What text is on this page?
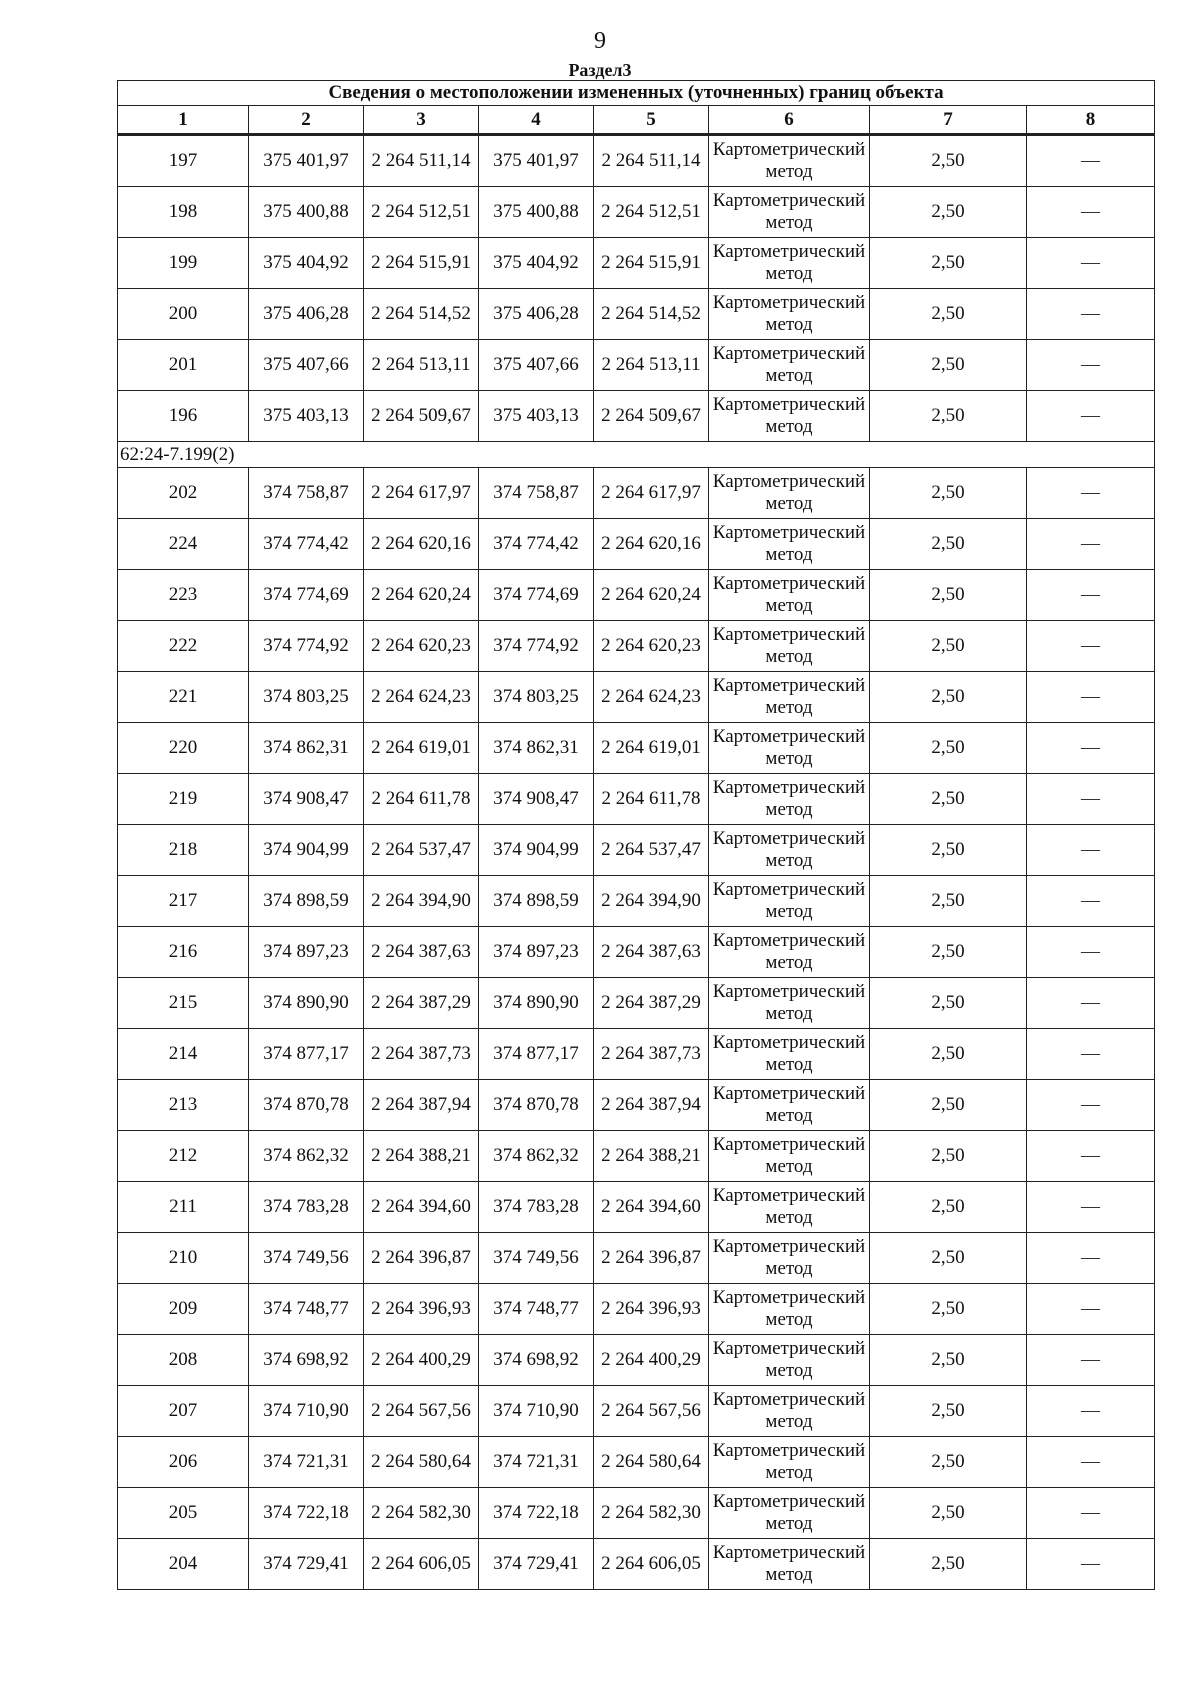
9
Раздел3
Сведения о местоположении измененных (уточненных) границ объекта							
1	2	3	4	5	6	7	8
197	375 401,97	2 264 511,14	375 401,97	2 264 511,14	Картометрический метод	2,50	—
198	375 400,88	2 264 512,51	375 400,88	2 264 512,51	Картометрический метод	2,50	—
199	375 404,92	2 264 515,91	375 404,92	2 264 515,91	Картометрический метод	2,50	—
200	375 406,28	2 264 514,52	375 406,28	2 264 514,52	Картометрический метод	2,50	—
201	375 407,66	2 264 513,11	375 407,66	2 264 513,11	Картометрический метод	2,50	—
196	375 403,13	2 264 509,67	375 403,13	2 264 509,67	Картометрический метод	2,50	—
62:24-7.199(2)							
202	374 758,87	2 264 617,97	374 758,87	2 264 617,97	Картометрический метод	2,50	—
224	374 774,42	2 264 620,16	374 774,42	2 264 620,16	Картометрический метод	2,50	—
223	374 774,69	2 264 620,24	374 774,69	2 264 620,24	Картометрический метод	2,50	—
222	374 774,92	2 264 620,23	374 774,92	2 264 620,23	Картометрический метод	2,50	—
221	374 803,25	2 264 624,23	374 803,25	2 264 624,23	Картометрический метод	2,50	—
220	374 862,31	2 264 619,01	374 862,31	2 264 619,01	Картометрический метод	2,50	—
219	374 908,47	2 264 611,78	374 908,47	2 264 611,78	Картометрический метод	2,50	—
218	374 904,99	2 264 537,47	374 904,99	2 264 537,47	Картометрический метод	2,50	—
217	374 898,59	2 264 394,90	374 898,59	2 264 394,90	Картометрический метод	2,50	—
216	374 897,23	2 264 387,63	374 897,23	2 264 387,63	Картометрический метод	2,50	—
215	374 890,90	2 264 387,29	374 890,90	2 264 387,29	Картометрический метод	2,50	—
214	374 877,17	2 264 387,73	374 877,17	2 264 387,73	Картометрический метод	2,50	—
213	374 870,78	2 264 387,94	374 870,78	2 264 387,94	Картометрический метод	2,50	—
212	374 862,32	2 264 388,21	374 862,32	2 264 388,21	Картометрический метод	2,50	—
211	374 783,28	2 264 394,60	374 783,28	2 264 394,60	Картометрический метод	2,50	—
210	374 749,56	2 264 396,87	374 749,56	2 264 396,87	Картометрический метод	2,50	—
209	374 748,77	2 264 396,93	374 748,77	2 264 396,93	Картометрический метод	2,50	—
208	374 698,92	2 264 400,29	374 698,92	2 264 400,29	Картометрический метод	2,50	—
207	374 710,90	2 264 567,56	374 710,90	2 264 567,56	Картометрический метод	2,50	—
206	374 721,31	2 264 580,64	374 721,31	2 264 580,64	Картометрический метод	2,50	—
205	374 722,18	2 264 582,30	374 722,18	2 264 582,30	Картометрический метод	2,50	—
204	374 729,41	2 264 606,05	374 729,41	2 264 606,05	Картометрический метод	2,50	—
